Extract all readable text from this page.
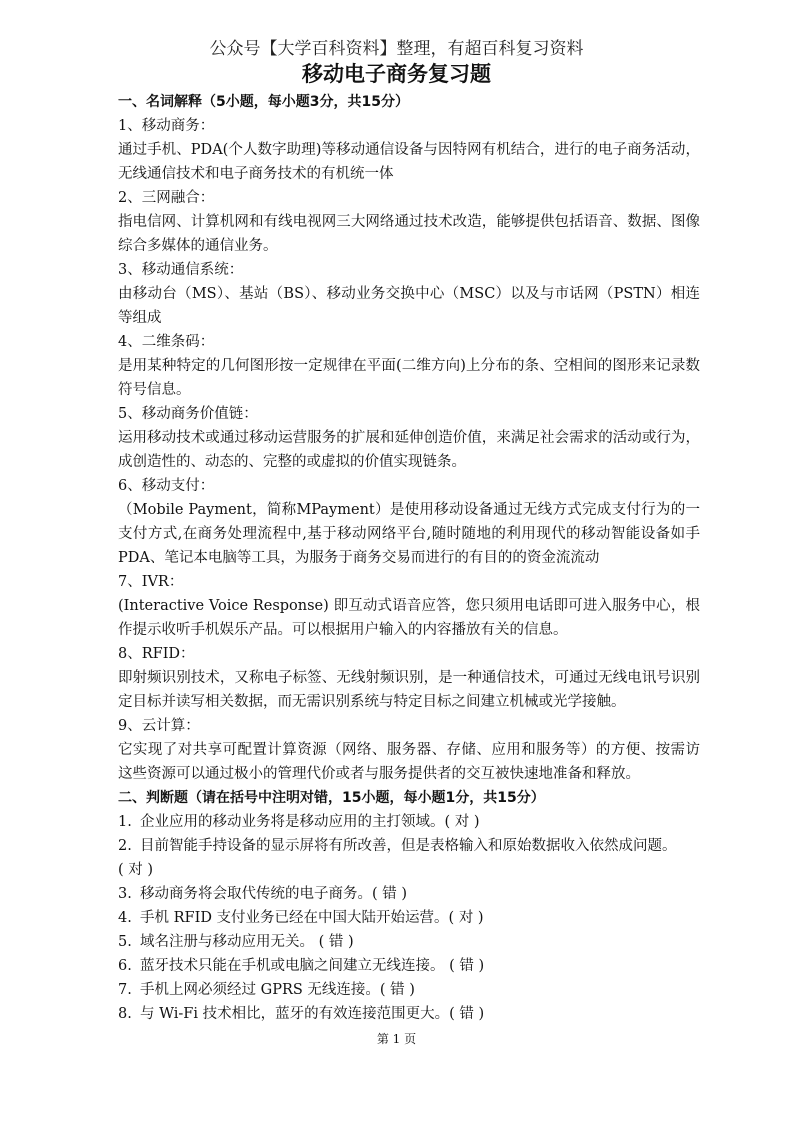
公众号【大学百科资料】整理，有超百科复习资料
移动电子商务复习题
一、名词解释（5小题，每小题3分，共15分）
1、移动商务：
通过手机、PDA(个人数字助理)等移动通信设备与因特网有机结合，进行的电子商务活动，
无线通信技术和电子商务技术的有机统一体
2、三网融合：
指电信网、计算机网和有线电视网三大网络通过技术改造，能够提供包括语音、数据、图像
综合多媒体的通信业务。
3、移动通信系统：
由移动台（MS）、基站（BS）、移动业务交换中心（MSC）以及与市话网（PSTN）相连
等组成
4、二维条码：
是用某种特定的几何图形按一定规律在平面(二维方向)上分布的条、空相间的图形来记录数
符号信息。
5、移动商务价值链：
运用移动技术或通过移动运营服务的扩展和延伸创造价值，来满足社会需求的活动或行为，
成创造性的、动态的、完整的或虚拟的价值实现链条。
6、移动支付：
（Mobile Payment，简称MPayment）是使用移动设备通过无线方式完成支付行为的一
支付方式,在商务处理流程中,基于移动网络平台,随时随地的利用现代的移动智能设备如手
PDA、笔记本电脑等工具，为服务于商务交易而进行的有目的的资金流流动
7、IVR：
(Interactive Voice Response) 即互动式语音应答，您只须用电话即可进入服务中心，根
作提示收听手机娱乐产品。可以根据用户输入的内容播放有关的信息。
8、RFID：
即射频识别技术，又称电子标签、无线射频识别，是一种通信技术，可通过无线电讯号识别
定目标并读写相关数据，而无需识别系统与特定目标之间建立机械或光学接触。
9、云计算：
它实现了对共享可配置计算资源（网络、服务器、存储、应用和服务等）的方便、按需访
这些资源可以通过极小的管理代价或者与服务提供者的交互被快速地准备和释放。
二、判断题（请在括号中注明对错，15小题，每小题1分，共15分）
1. 企业应用的移动业务将是移动应用的主打领域。( 对 )
2. 目前智能手持设备的显示屏将有所改善，但是表格输入和原始数据收入依然成问题。
( 对 )
3. 移动商务将会取代传统的电子商务。( 错 )
4. 手机 RFID 支付业务已经在中国大陆开始运营。( 对 )
5. 域名注册与移动应用无关。 ( 错 )
6. 蓝牙技术只能在手机或电脑之间建立无线连接。 ( 错 )
7. 手机上网必须经过 GPRS 无线连接。( 错 )
8. 与 Wi-Fi 技术相比，蓝牙的有效连接范围更大。( 错 )
第 1 页
